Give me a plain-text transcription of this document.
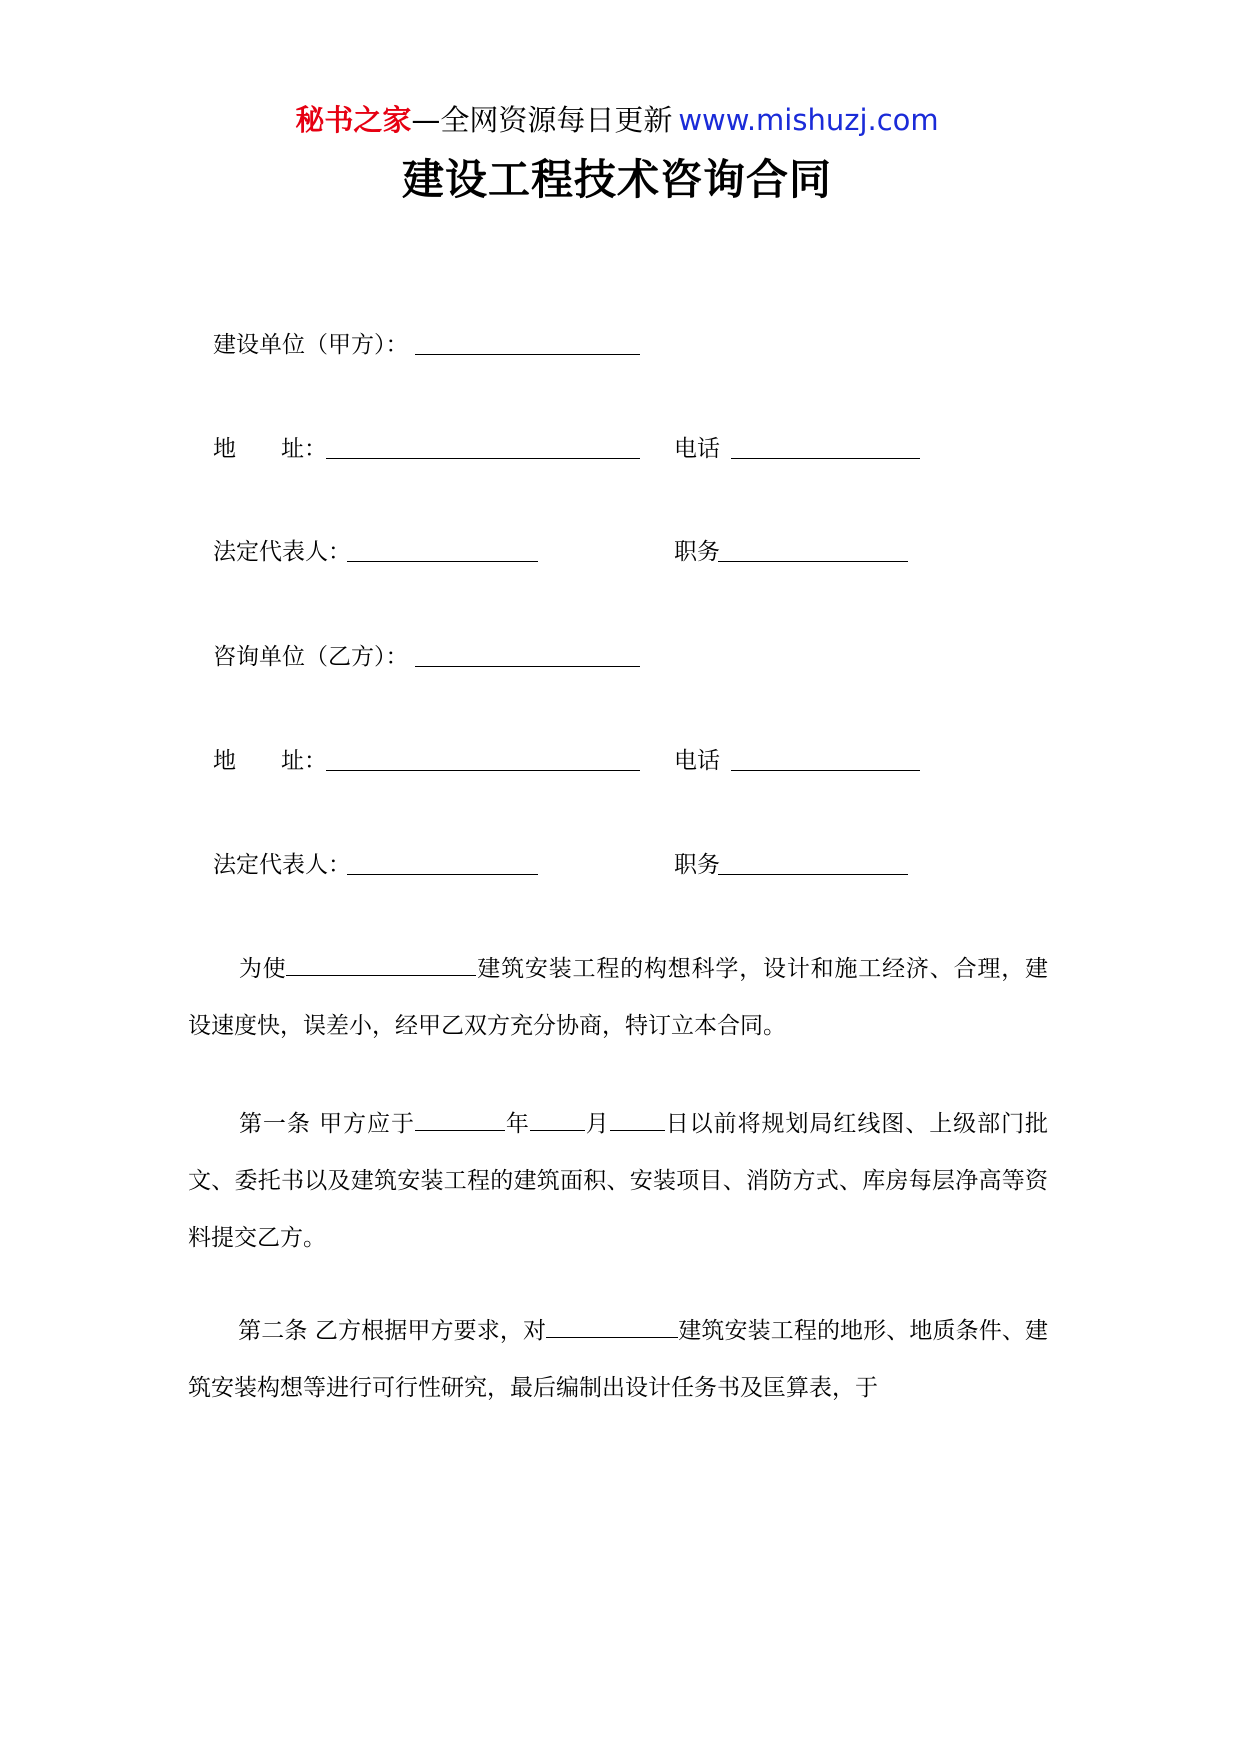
秘书之家—全网资源每日更新 www.mishuzj.com
建设工程技术咨询合同
建设单位（甲方）：
地 址：	电话
法定代表人：	职务
咨询单位（乙方）：
地 址：	电话
法定代表人：	职务
为使	建筑安装工程的构想科学，设计和施工经济、合理，建设速度快，误差小，经甲乙双方充分协商，特订立本合同。
第一条 甲方应于	年 月 日以前将规划局红线图、上级部门批文、委托书以及建筑安装工程的建筑面积、安装项目、消防方式、库房每层净高等资料提交乙方。
第二条 乙方根据甲方要求，对	建筑安装工程的地形、地质条件、建筑安装构想等进行可行性研究，最后编制出设计任务书及匡算表，于
